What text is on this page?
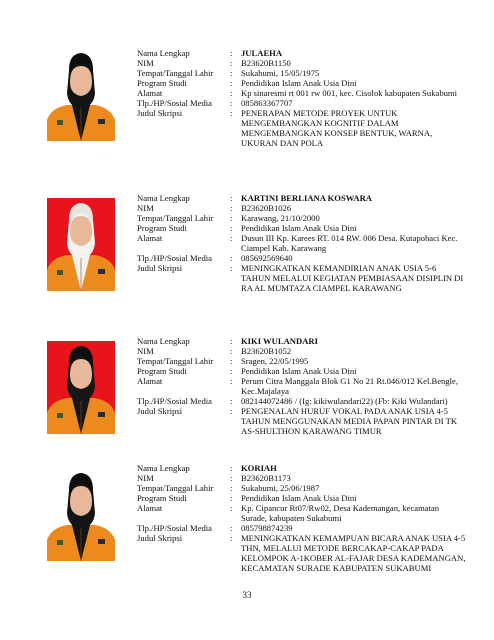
Nama Lengkap	:	JULAEHA
NIM	:	B23620B1150
Tempat/Tanggal Lahir	:	Sukabumi, 15/05/1975
Program Studi	:	Pendidikan Islam Anak Usia Dini
Alamat	:	Kp sinaresmi rt 001 rw 001, kec. Cisolok kabupaten Sukabumi
Tlp./HP/Sosial Media	:	085863367707
Judul Skripsi	:	PENERAPAN METODE PROYEK UNTUK MENGEMBANGKAN KOGNITIF DALAM MENGEMBANGKAN KONSEP BENTUK, WARNA, UKURAN DAN POLA
Nama Lengkap	:	KARTINI BERLIANA KOSWARA
NIM	:	B23620B1026
Tempat/Tanggal Lahir	:	Karawang, 21/10/2000
Program Studi	:	Pendidikan Islam Anak Usia Dini
Alamat	:	Dusun III Kp. Karees RT. 014 RW. 006 Desa. Kutapohaci Kec. Ciampel Kab. Karawang
Tlp./HP/Sosial Media	:	085692569640
Judul Skripsi	:	MENINGKATKAN KEMANDIRIAN ANAK USIA 5-6 TAHUN MELALUI KEGIATAN PEMBIASAAN DISIPLIN DI RA AL MUMTAZA CIAMPEL KARAWANG
Nama Lengkap	:	KIKI WULANDARI
NIM	:	B23620B1052
Tempat/Tanggal Lahir	:	Sragen, 22/05/1995
Program Studi	:	Pendidikan Islam Anak Usia Dini
Alamat	:	Perum Citra Manggala Blok G1 No 21 Rt.046/012 Kel.Bengle, Kec.Majalaya
Tlp./HP/Sosial Media	:	082144072486 / (Ig: kikiwulandari22) (Fb: Kiki Wulandari)
Judul Skripsi	:	PENGENALAN HURUF VOKAL PADA ANAK USIA 4-5 TAHUN MENGGUNAKAN MEDIA PAPAN PINTAR DI TK AS-SHULTHON KARAWANG TIMUR
Nama Lengkap	:	KORIAH
NIM	:	B23620B1173
Tempat/Tanggal Lahir	:	Sukabumi, 25/06/1987
Program Studi	:	Pendidikan Islam Anak Usia Dini
Alamat	:	Kp. Cipancur Rt07/Rw02, Desa Kademangan, kecamatan Surade, kabupaten Sukabumi
Tlp./HP/Sosial Media	:	085798874239
Judul Skripsi	:	MENINGKATKAN KEMAMPUAN BICARA ANAK USIA 4-5 THN, MELALUI METODE BERCAKAP-CAKAP PADA KELOMPOK A-1KOBER AL-FAJAR DESA KADEMANGAN, KECAMATAN SURADE KABUPATEN SUKABUMI
33
